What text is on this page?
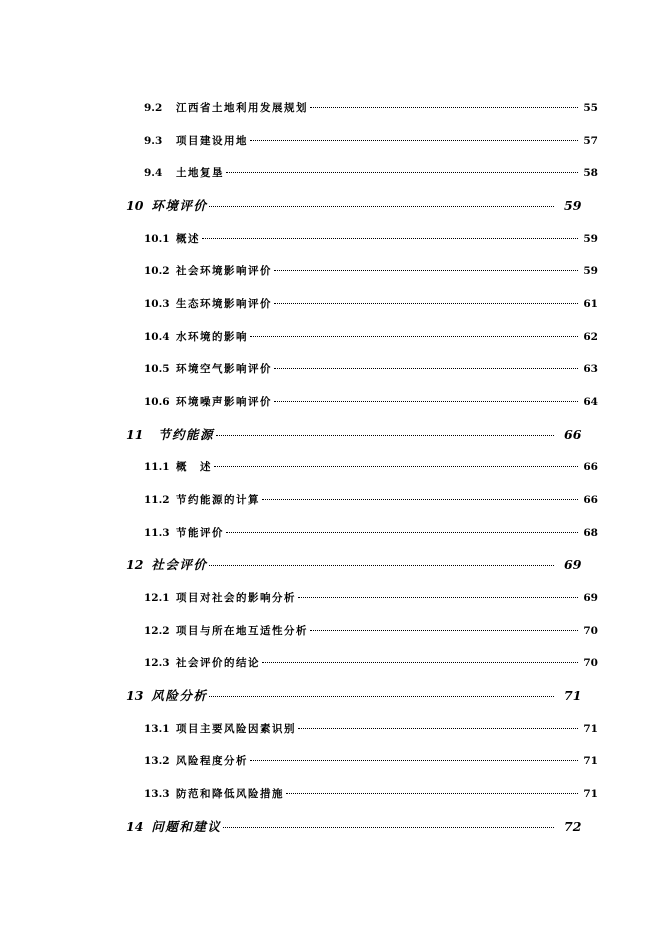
9.2	江西省土地利用发展规划	55
9.3	项目建设用地	57
9.4	土地复垦	58
10 环境评价	59
10.1 概述	59
10.2 社会环境影响评价	59
10.3 生态环境影响评价	61
10.4 水环境的影响	62
10.5 环境空气影响评价	63
10.6 环境噪声影响评价	64
11	节约能源	66
11.1 概　述	66
11.2 节约能源的计算	66
11.3 节能评价	68
12 社会评价	69
12.1 项目对社会的影响分析	69
12.2 项目与所在地互适性分析	70
12.3 社会评价的结论	70
13 风险分析	71
13.1 项目主要风险因素识别	71
13.2 风险程度分析	71
13.3 防范和降低风险措施	71
14 问题和建议	72
